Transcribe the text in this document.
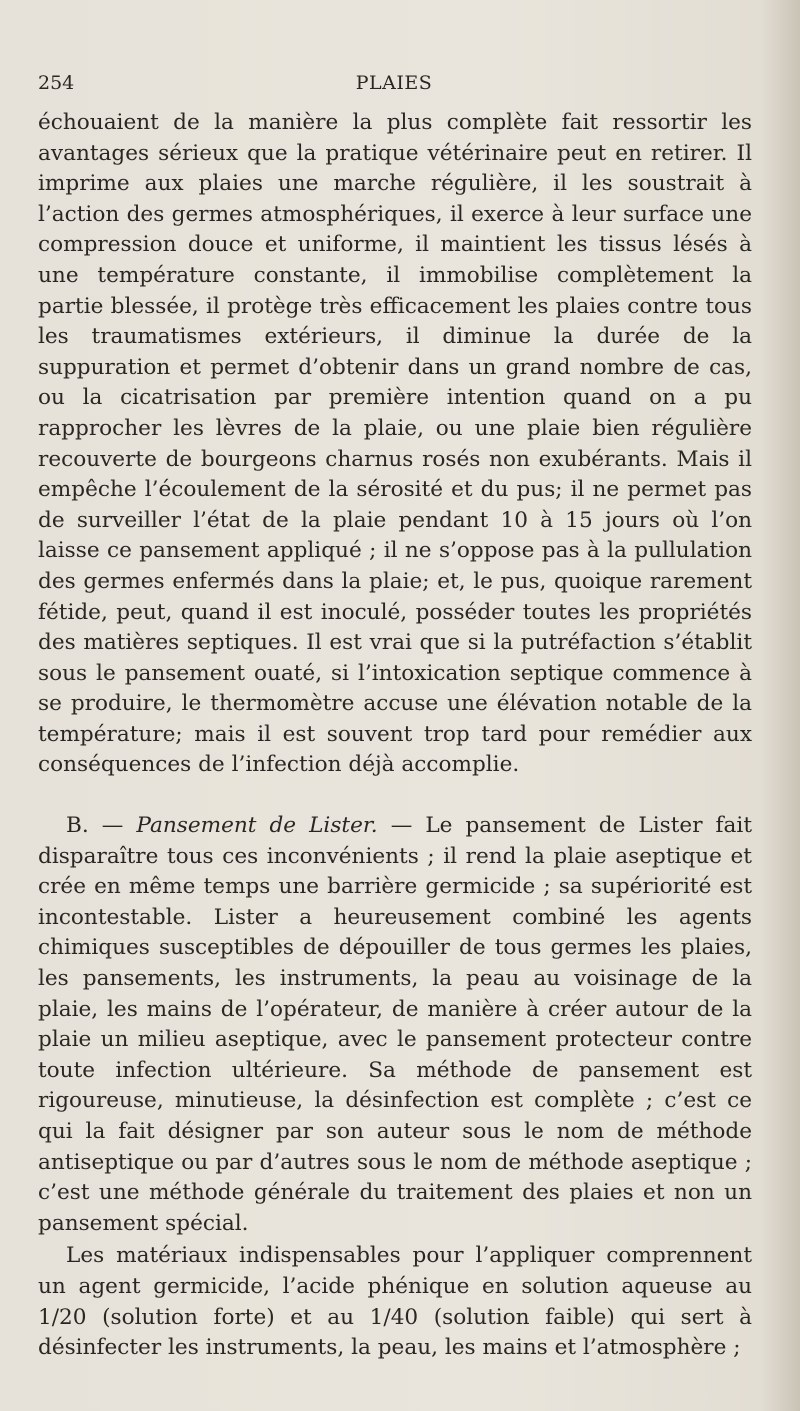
254	PLAIES

échouaient de la manière la plus complète fait ressortir les avantages sérieux que la pratique vétérinaire peut en retirer. Il imprime aux plaies une marche régulière, il les soustrait à l’action des germes atmosphériques, il exerce à leur surface une compression douce et uniforme, il maintient les tissus lésés à une température constante, il immobilise complètement la partie blessée, il protège très efficacement les plaies contre tous les traumatismes extérieurs, il diminue la durée de la suppuration et permet d’obtenir dans un grand nombre de cas, ou la cicatrisation par première intention quand on a pu rapprocher les lèvres de la plaie, ou une plaie bien régulière recouverte de bourgeons charnus rosés non exubérants. Mais il empêche l’écoulement de la sérosité et du pus; il ne permet pas de surveiller l’état de la plaie pendant 10 à 15 jours où l’on laisse ce pansement appliqué ; il ne s’oppose pas à la pullulation des germes enfermés dans la plaie; et, le pus, quoique rarement fétide, peut, quand il est inoculé, posséder toutes les propriétés des matières septiques. Il est vrai que si la putréfaction s’établit sous le pansement ouaté, si l’intoxication septique commence à se produire, le thermomètre accuse une élévation notable de la température; mais il est souvent trop tard pour remédier aux conséquences de l’infection déjà accomplie.

B. — Pansement de Lister. — Le pansement de Lister fait disparaître tous ces inconvénients ; il rend la plaie aseptique et crée en même temps une barrière germicide ; sa supériorité est incontestable. Lister a heureusement combiné les agents chimiques susceptibles de dépouiller de tous germes les plaies, les pansements, les instruments, la peau au voisinage de la plaie, les mains de l’opérateur, de manière à créer autour de la plaie un milieu aseptique, avec le pansement protecteur contre toute infection ultérieure. Sa méthode de pansement est rigoureuse, minutieuse, la désinfection est complète ; c’est ce qui la fait désigner par son auteur sous le nom de méthode antiseptique ou par d’autres sous le nom de méthode aseptique ; c’est une méthode générale du traitement des plaies et non un pansement spécial.

Les matériaux indispensables pour l’appliquer comprennent un agent germicide, l’acide phénique en solution aqueuse au 1/20 (solution forte) et au 1/40 (solution faible) qui sert à désinfecter les instruments, la peau, les mains et l’atmosphère ;
